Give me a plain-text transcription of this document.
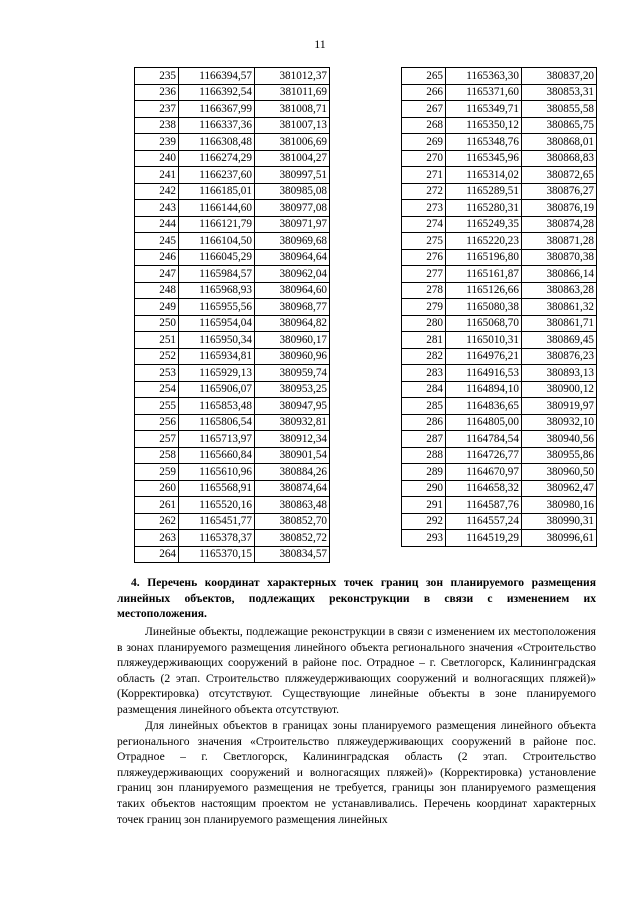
11
235	1166394,57	381012,37
236	1166392,54	381011,69
237	1166367,99	381008,71
238	1166337,36	381007,13
239	1166308,48	381006,69
240	1166274,29	381004,27
241	1166237,60	380997,51
242	1166185,01	380985,08
243	1166144,60	380977,08
244	1166121,79	380971,97
245	1166104,50	380969,68
246	1166045,29	380964,64
247	1165984,57	380962,04
248	1165968,93	380964,60
249	1165955,56	380968,77
250	1165954,04	380964,82
251	1165950,34	380960,17
252	1165934,81	380960,96
253	1165929,13	380959,74
254	1165906,07	380953,25
255	1165853,48	380947,95
256	1165806,54	380932,81
257	1165713,97	380912,34
258	1165660,84	380901,54
259	1165610,96	380884,26
260	1165568,91	380874,64
261	1165520,16	380863,48
262	1165451,77	380852,70
263	1165378,37	380852,72
264	1165370,15	380834,57
265	1165363,30	380837,20
266	1165371,60	380853,31
267	1165349,71	380855,58
268	1165350,12	380865,75
269	1165348,76	380868,01
270	1165345,96	380868,83
271	1165314,02	380872,65
272	1165289,51	380876,27
273	1165280,31	380876,19
274	1165249,35	380874,28
275	1165220,23	380871,28
276	1165196,80	380870,38
277	1165161,87	380866,14
278	1165126,66	380863,28
279	1165080,38	380861,32
280	1165068,70	380861,71
281	1165010,31	380869,45
282	1164976,21	380876,23
283	1164916,53	380893,13
284	1164894,10	380900,12
285	1164836,65	380919,97
286	1164805,00	380932,10
287	1164784,54	380940,56
288	1164726,77	380955,86
289	1164670,97	380960,50
290	1164658,32	380962,47
291	1164587,76	380980,16
292	1164557,24	380990,31
293	1164519,29	380996,61
4. Перечень координат характерных точек границ зон планируемого размещения линейных объектов, подлежащих реконструкции в связи с изменением их местоположения.
Линейные объекты, подлежащие реконструкции в связи с изменением их местоположения в зонах планируемого размещения линейного объекта регионального значения «Строительство пляжеудерживающих сооружений в районе пос. Отрадное – г. Светлогорск, Калининградская область (2 этап. Строительство пляжеудерживающих сооружений и волногасящих пляжей)» (Корректировка) отсутствуют. Существующие линейные объекты в зоне планируемого размещения линейного объекта отсутствуют.
Для линейных объектов в границах зоны планируемого размещения линейного объекта регионального значения «Строительство пляжеудерживающих сооружений в районе пос. Отрадное – г. Светлогорск, Калининградская область (2 этап. Строительство пляжеудерживающих сооружений и волногасящих пляжей)» (Корректировка) установление границ зон планируемого размещения не требуется, границы зон планируемого размещения таких объектов настоящим проектом не устанавливались. Перечень координат характерных точек границ зон планируемого размещения линейных
